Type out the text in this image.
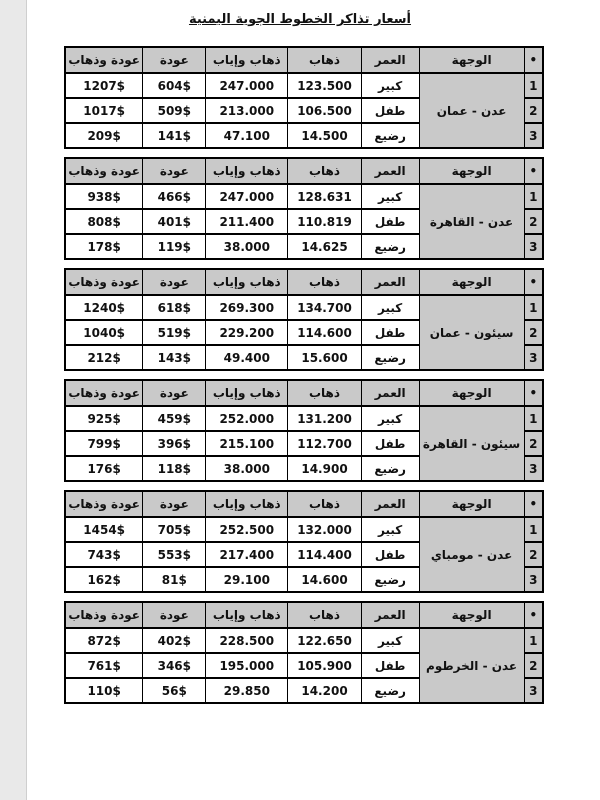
أسعار تذاكر الخطوط الجوية اليمنية
•	الوجهة	العمر	ذهاب	ذهاب وإياب	عودة	عودة وذهاب
1	عدن - عمان	كبير	123.500	247.000	604$	1207$
2		طفل	106.500	213.000	509$	1017$
3		رضيع	14.500	47.100	141$	209$
•	الوجهة	العمر	ذهاب	ذهاب وإياب	عودة	عودة وذهاب
1	عدن - القاهرة	كبير	128.631	247.000	466$	938$
2		طفل	110.819	211.400	401$	808$
3		رضيع	14.625	38.000	119$	178$
•	الوجهة	العمر	ذهاب	ذهاب وإياب	عودة	عودة وذهاب
1	سيئون - عمان	كبير	134.700	269.300	618$	1240$
2		طفل	114.600	229.200	519$	1040$
3		رضيع	15.600	49.400	143$	212$
•	الوجهة	العمر	ذهاب	ذهاب وإياب	عودة	عودة وذهاب
1	سيئون - القاهرة	كبير	131.200	252.000	459$	925$
2		طفل	112.700	215.100	396$	799$
3		رضيع	14.900	38.000	118$	176$
•	الوجهة	العمر	ذهاب	ذهاب وإياب	عودة	عودة وذهاب
1	عدن - مومباي	كبير	132.000	252.500	705$	1454$
2		طفل	114.400	217.400	553$	743$
3		رضيع	14.600	29.100	81$	162$
•	الوجهة	العمر	ذهاب	ذهاب وإياب	عودة	عودة وذهاب
1	عدن - الخرطوم	كبير	122.650	228.500	402$	872$
2		طفل	105.900	195.000	346$	761$
3		رضيع	14.200	29.850	56$	110$
